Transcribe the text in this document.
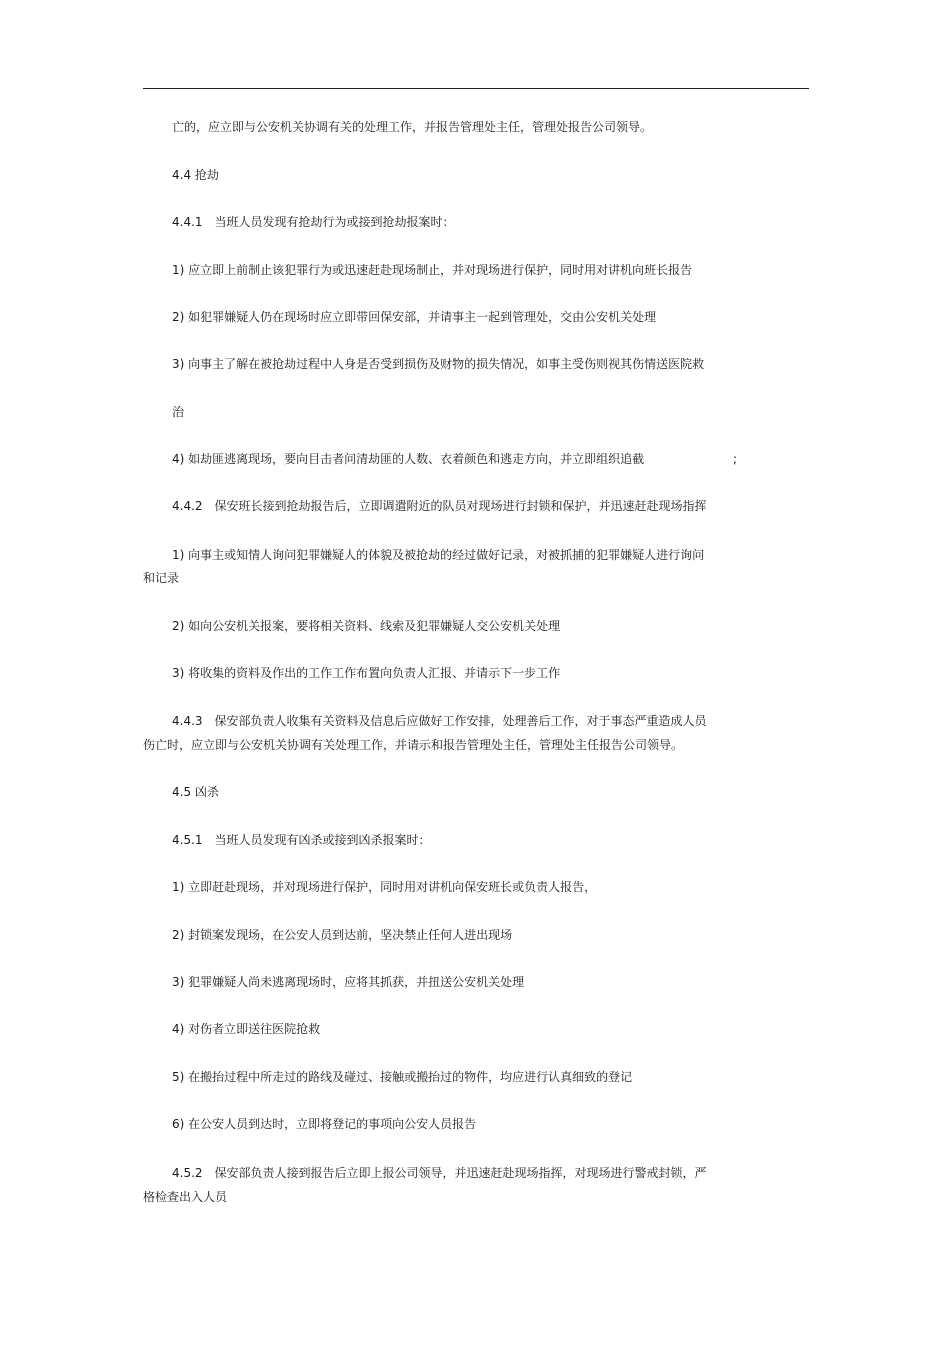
亡的，应立即与公安机关协调有关的处理工作，并报告管理处主任，管理处报告公司领导。
4.4 抢劫
4.4.1　当班人员发现有抢劫行为或接到抢劫报案时：
1) 应立即上前制止该犯罪行为或迅速赶赴现场制止，并对现场进行保护，同时用对讲机向班长报告
2) 如犯罪嫌疑人仍在现场时应立即带回保安部，并请事主一起到管理处，交由公安机关处理
3) 向事主了解在被抢劫过程中人身是否受到损伤及财物的损失情况，如事主受伤则视其伤情送医院救
治
4) 如劫匪逃离现场，要向目击者问清劫匪的人数、衣着颜色和逃走方向，并立即组织追截	;
4.4.2　保安班长接到抢劫报告后，立即调遣附近的队员对现场进行封锁和保护，并迅速赶赴现场指挥
1) 向事主或知情人询问犯罪嫌疑人的体貌及被抢劫的经过做好记录，对被抓捕的犯罪嫌疑人进行询问
和记录
2) 如向公安机关报案，要将相关资料、线索及犯罪嫌疑人交公安机关处理
3) 将收集的资料及作出的工作工作布置向负责人汇报、并请示下一步工作
4.4.3　保安部负责人收集有关资料及信息后应做好工作安排，处理善后工作，对于事态严重造成人员
伤亡时，应立即与公安机关协调有关处理工作，并请示和报告管理处主任，管理处主任报告公司领导。
4.5 凶杀
4.5.1　当班人员发现有凶杀或接到凶杀报案时：
1) 立即赶赴现场，并对现场进行保护，同时用对讲机向保安班长或负责人报告，
2) 封锁案发现场，在公安人员到达前，坚决禁止任何人进出现场
3) 犯罪嫌疑人尚未逃离现场时，应将其抓获，并扭送公安机关处理
4) 对伤者立即送往医院抢救
5) 在搬抬过程中所走过的路线及碰过、接触或搬抬过的物件，均应进行认真细致的登记
6) 在公安人员到达时，立即将登记的事项向公安人员报告
4.5.2　保安部负责人接到报告后立即上报公司领导，并迅速赶赴现场指挥，对现场进行警戒封锁，严
格检查出入人员
